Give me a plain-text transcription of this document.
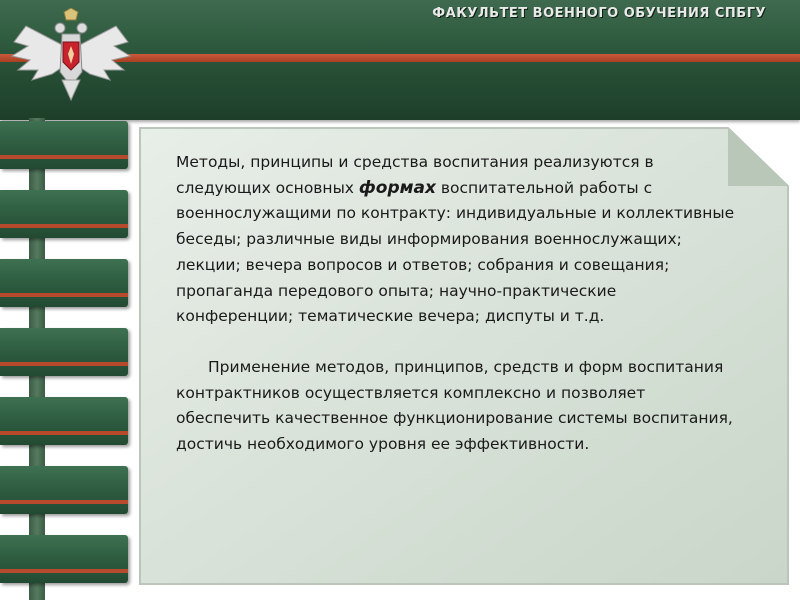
ФАКУЛЬТЕТ ВОЕННОГО ОБУЧЕНИЯ СПБГУ

Методы, принципы и средства воспитания реализуются в следующих основных формах воспитательной работы с военнослужащими по контракту: индивидуальные и коллективные беседы; различные виды информирования военнослужащих; лекции; вечера вопросов и ответов; собрания и совещания; пропаганда передового опыта; научно-практические конференции; тематические вечера; диспуты и т.д.

Применение методов, принципов, средств и форм воспитания контрактников осуществляется комплексно и позволяет обеспечить качественное функционирование системы воспитания, достичь необходимого уровня ее эффективности.
